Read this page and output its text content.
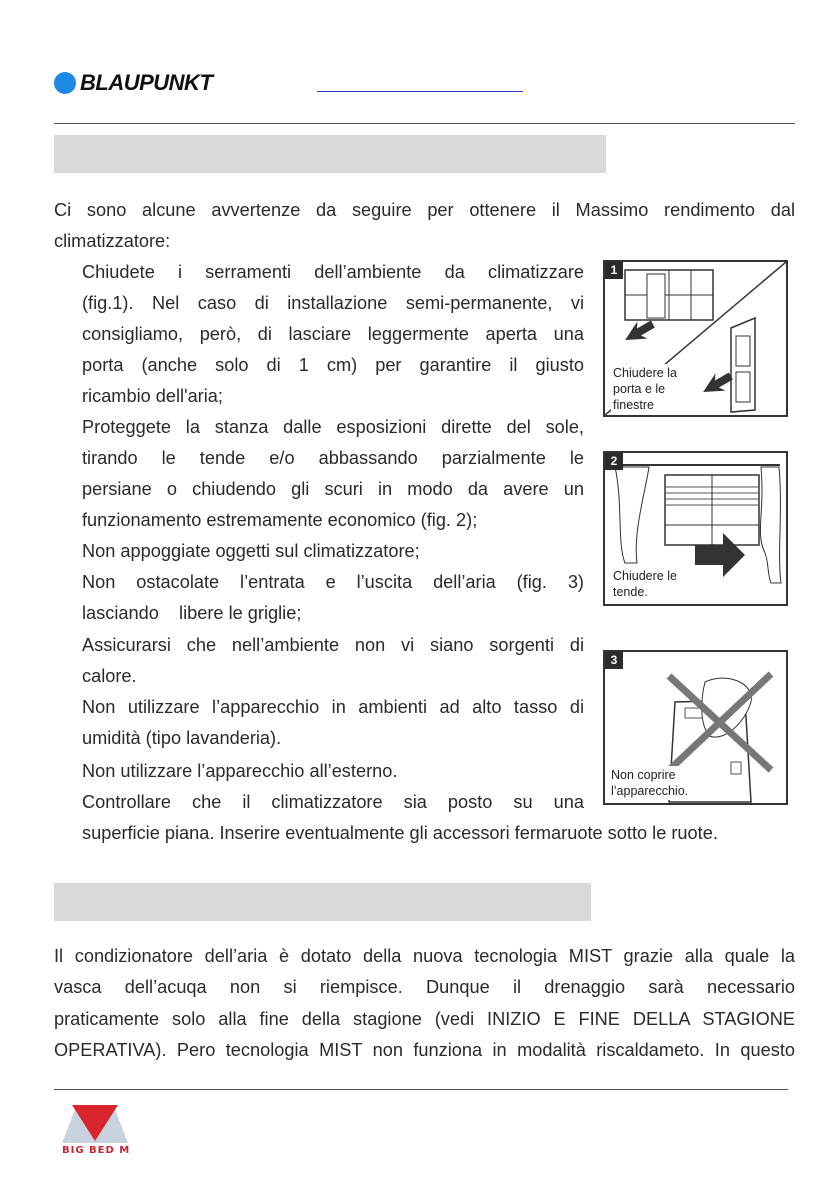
BLAUPUNKT
Ci sono alcune avvertenze da seguire per ottenere il Massimo rendimento dal
climatizzatore:
Chiudete i serramenti dell’ambiente da climatizzare
(fig.1). Nel caso di installazione semi-permanente, vi
consigliamo, però, di lasciare leggermente aperta una
porta (anche solo di 1 cm) per garantire il giusto
ricambio dell'aria;
Proteggete la stanza dalle esposizioni dirette del sole,
tirando le tende e/o abbassando parzialmente le
persiane o chiudendo gli scuri in modo da avere un
funzionamento estremamente economico (fig. 2);
Non appoggiate oggetti sul climatizzatore;
Non ostacolate l’entrata e l’uscita dell’aria (fig. 3)
lasciando    libere le griglie;
Assicurarsi che nell’ambiente non vi siano sorgenti di
calore.
Non utilizzare l’apparecchio in ambienti ad alto tasso di
umidità (tipo lavanderia).
Non utilizzare l’apparecchio all’esterno.
Controllare che il climatizzatore sia posto su una
superficie piana. Inserire eventualmente gli accessori fermaruote sotto le ruote.
1
Chiudere la
porta e le
finestre
2
Chiudere le
tende.
3
Non coprire
l’apparecchio.
Il condizionatore dell’aria è dotato della nuova tecnologia MIST grazie alla quale la
vasca dell’acuqa non si riempisce. Dunque il drenaggio sarà necessario
praticamente solo alla fine della stagione (vedi INIZIO E FINE DELLA STAGIONE
OPERATIVA). Pero tecnologia MIST non funziona in modalità riscaldameto. In questo
BIG BED M
